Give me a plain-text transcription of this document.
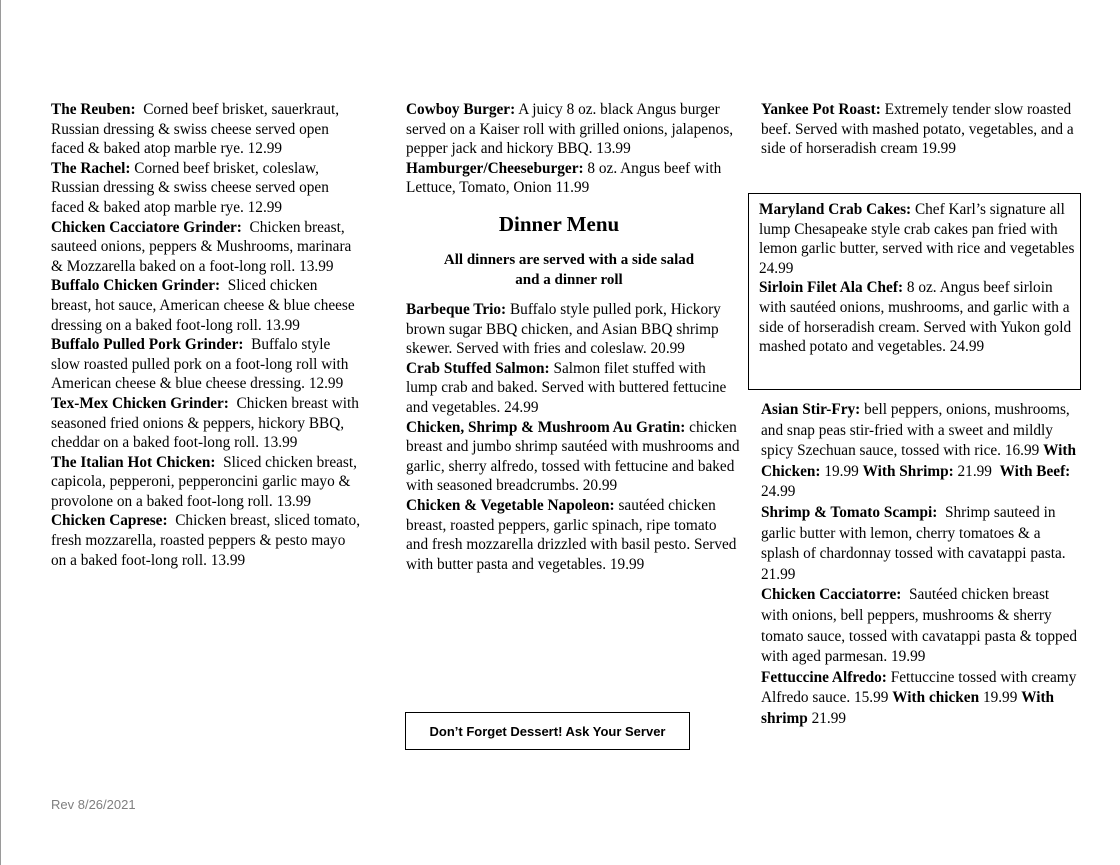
The Reuben: Corned beef brisket, sauerkraut, Russian dressing & swiss cheese served open faced & baked atop marble rye. 12.99

The Rachel: Corned beef brisket, coleslaw, Russian dressing & swiss cheese served open faced & baked atop marble rye. 12.99

Chicken Cacciatore Grinder: Chicken breast, sauteed onions, peppers & Mushrooms, marinara & Mozzarella baked on a foot-long roll. 13.99

Buffalo Chicken Grinder: Sliced chicken breast, hot sauce, American cheese & blue cheese dressing on a baked foot-long roll. 13.99

Buffalo Pulled Pork Grinder: Buffalo style slow roasted pulled pork on a foot-long roll with American cheese & blue cheese dressing. 12.99

Tex-Mex Chicken Grinder: Chicken breast with seasoned fried onions & peppers, hickory BBQ, cheddar on a baked foot-long roll. 13.99

The Italian Hot Chicken: Sliced chicken breast, capicola, pepperoni, pepperoncini garlic mayo & provolone on a baked foot-long roll. 13.99

Chicken Caprese: Chicken breast, sliced tomato, fresh mozzarella, roasted peppers & pesto mayo on a baked foot-long roll. 13.99

Cowboy Burger: A juicy 8 oz. black Angus burger served on a Kaiser roll with grilled onions, jalapenos, pepper jack and hickory BBQ. 13.99

Hamburger/Cheeseburger: 8 oz. Angus beef with Lettuce, Tomato, Onion 11.99

Dinner Menu
All dinners are served with a side salad
and a dinner roll

Barbeque Trio: Buffalo style pulled pork, Hickory brown sugar BBQ chicken, and Asian BBQ shrimp skewer. Served with fries and coleslaw. 20.99

Crab Stuffed Salmon: Salmon filet stuffed with lump crab and baked. Served with buttered fettucine and vegetables. 24.99

Chicken, Shrimp & Mushroom Au Gratin: chicken breast and jumbo shrimp sautéed with mushrooms and garlic, sherry alfredo, tossed with fettucine and baked with seasoned breadcrumbs. 20.99

Chicken & Vegetable Napoleon: sautéed chicken breast, roasted peppers, garlic spinach, ripe tomato and fresh mozzarella drizzled with basil pesto. Served with butter pasta and vegetables. 19.99

Don’t Forget Dessert! Ask Your Server

Yankee Pot Roast: Extremely tender slow roasted beef. Served with mashed potato, vegetables, and a side of horseradish cream 19.99

Maryland Crab Cakes: Chef Karl’s signature all lump Chesapeake style crab cakes pan fried with lemon garlic butter, served with rice and vegetables 24.99

Sirloin Filet Ala Chef: 8 oz. Angus beef sirloin with sautéed onions, mushrooms, and garlic with a side of horseradish cream. Served with Yukon gold mashed potato and vegetables. 24.99

Asian Stir-Fry: bell peppers, onions, mushrooms, and snap peas stir-fried with a sweet and mildly spicy Szechuan sauce, tossed with rice. 16.99 With Chicken: 19.99 With Shrimp: 21.99 With Beef: 24.99

Shrimp & Tomato Scampi: Shrimp sauteed in garlic butter with lemon, cherry tomatoes & a splash of chardonnay tossed with cavatappi pasta. 21.99

Chicken Cacciatorre: Sautéed chicken breast with onions, bell peppers, mushrooms & sherry tomato sauce, tossed with cavatappi pasta & topped with aged parmesan. 19.99

Fettuccine Alfredo: Fettuccine tossed with creamy Alfredo sauce. 15.99 With chicken 19.99 With shrimp 21.99

Rev 8/26/2021
